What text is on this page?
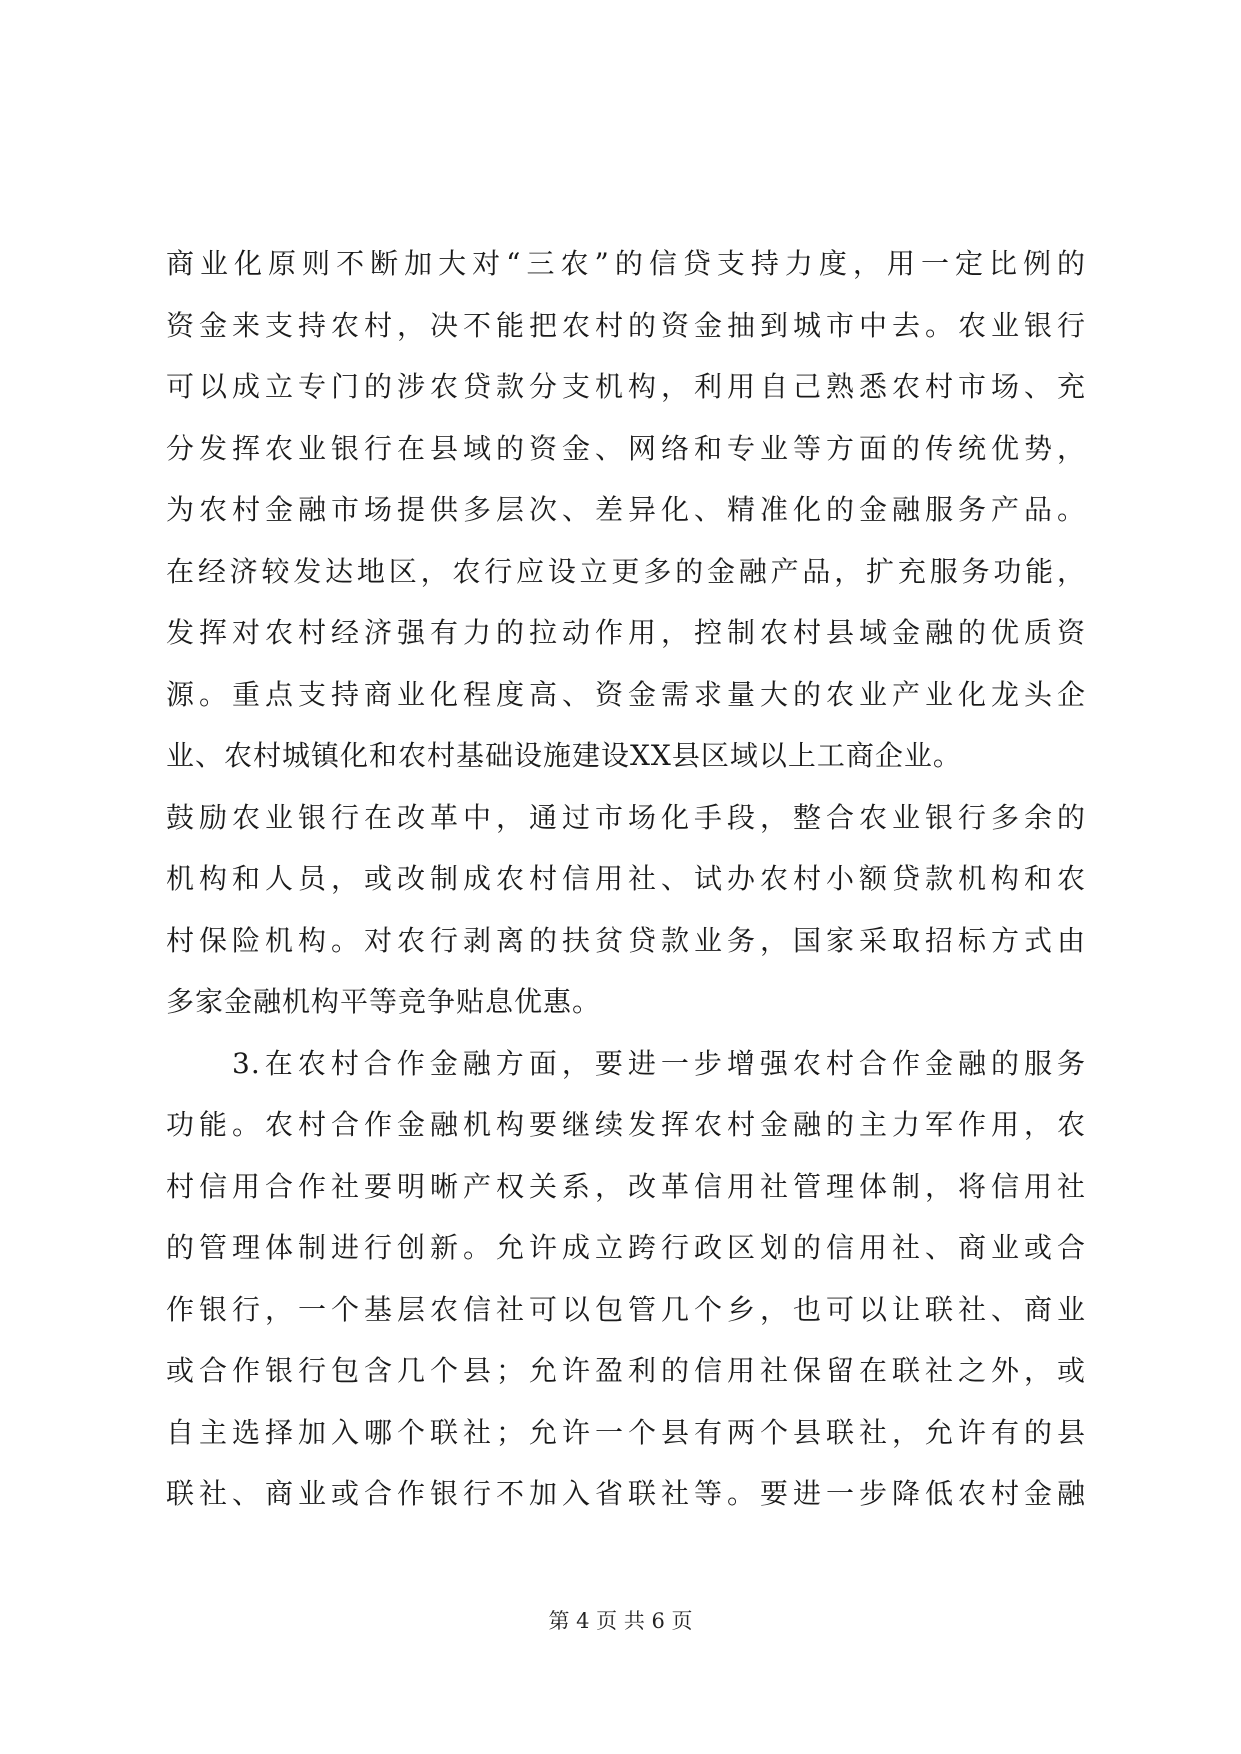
商业化原则不断加大对“三农”的信贷支持力度，用一定比例的
资金来支持农村，决不能把农村的资金抽到城市中去。农业银行
可以成立专门的涉农贷款分支机构，利用自己熟悉农村市场、充
分发挥农业银行在县域的资金、网络和专业等方面的传统优势，
为农村金融市场提供多层次、差异化、精准化的金融服务产品。
在经济较发达地区，农行应设立更多的金融产品，扩充服务功能，
发挥对农村经济强有力的拉动作用，控制农村县域金融的优质资
源。重点支持商业化程度高、资金需求量大的农业产业化龙头企
业、农村城镇化和农村基础设施建设XX县区域以上工商企业。
鼓励农业银行在改革中，通过市场化手段，整合农业银行多余的
机构和人员，或改制成农村信用社、试办农村小额贷款机构和农
村保险机构。对农行剥离的扶贫贷款业务，国家采取招标方式由
多家金融机构平等竞争贴息优惠。
3.在农村合作金融方面，要进一步增强农村合作金融的服务
功能。农村合作金融机构要继续发挥农村金融的主力军作用，农
村信用合作社要明晰产权关系，改革信用社管理体制，将信用社
的管理体制进行创新。允许成立跨行政区划的信用社、商业或合
作银行，一个基层农信社可以包管几个乡，也可以让联社、商业
或合作银行包含几个县；允许盈利的信用社保留在联社之外，或
自主选择加入哪个联社；允许一个县有两个县联社，允许有的县
联社、商业或合作银行不加入省联社等。要进一步降低农村金融
第 4 页 共 6 页
